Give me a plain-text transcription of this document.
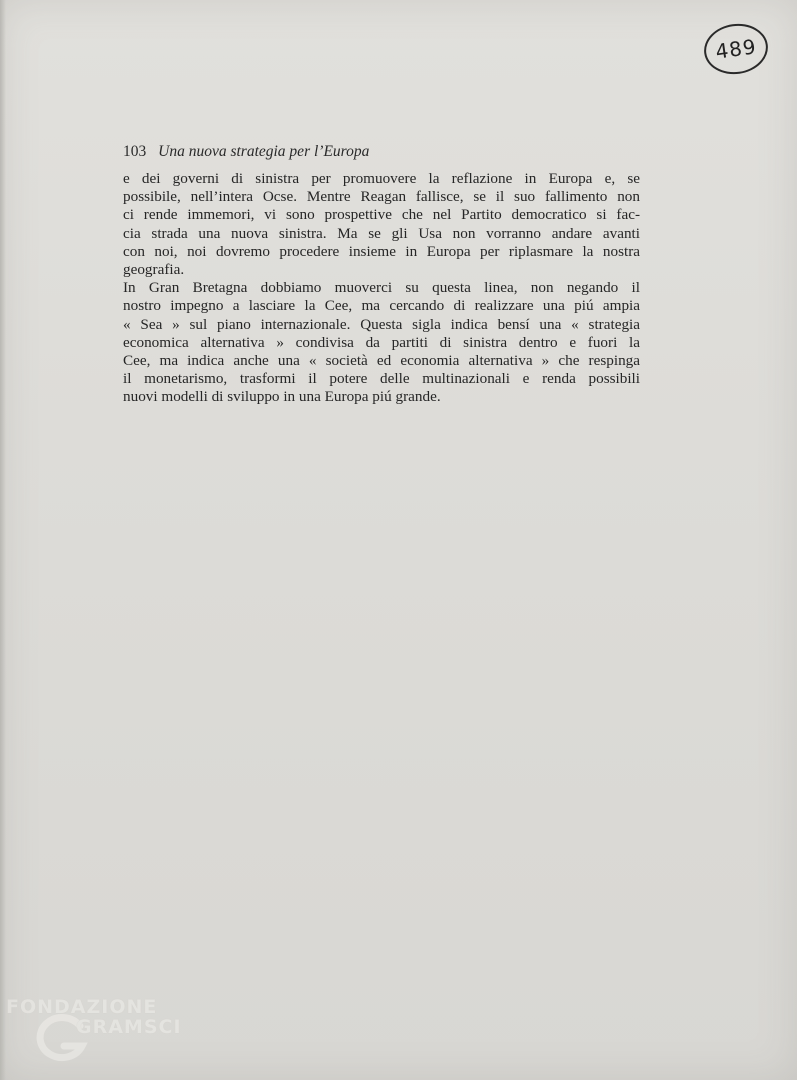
489
103 Una nuova strategia per l’Europa

e dei governi di sinistra per promuovere la reflazione in Europa e, se
possibile, nell’intera Ocse. Mentre Reagan fallisce, se il suo fallimento non
ci rende immemori, vi sono prospettive che nel Partito democratico si fac-
cia strada una nuova sinistra. Ma se gli Usa non vorranno andare avanti
con noi, noi dovremo procedere insieme in Europa per riplasmare la nostra
geografia.

In Gran Bretagna dobbiamo muoverci su questa linea, non negando il
nostro impegno a lasciare la Cee, ma cercando di realizzare una piú ampia
« Sea » sul piano internazionale. Questa sigla indica bensí una « strategia
economica alternativa » condivisa da partiti di sinistra dentro e fuori la
Cee, ma indica anche una « società ed economia alternativa » che respinga
il monetarismo, trasformi il potere delle multinazionali e renda possibili
nuovi modelli di sviluppo in una Europa piú grande.

FONDAZIONE
GRAMSCI
